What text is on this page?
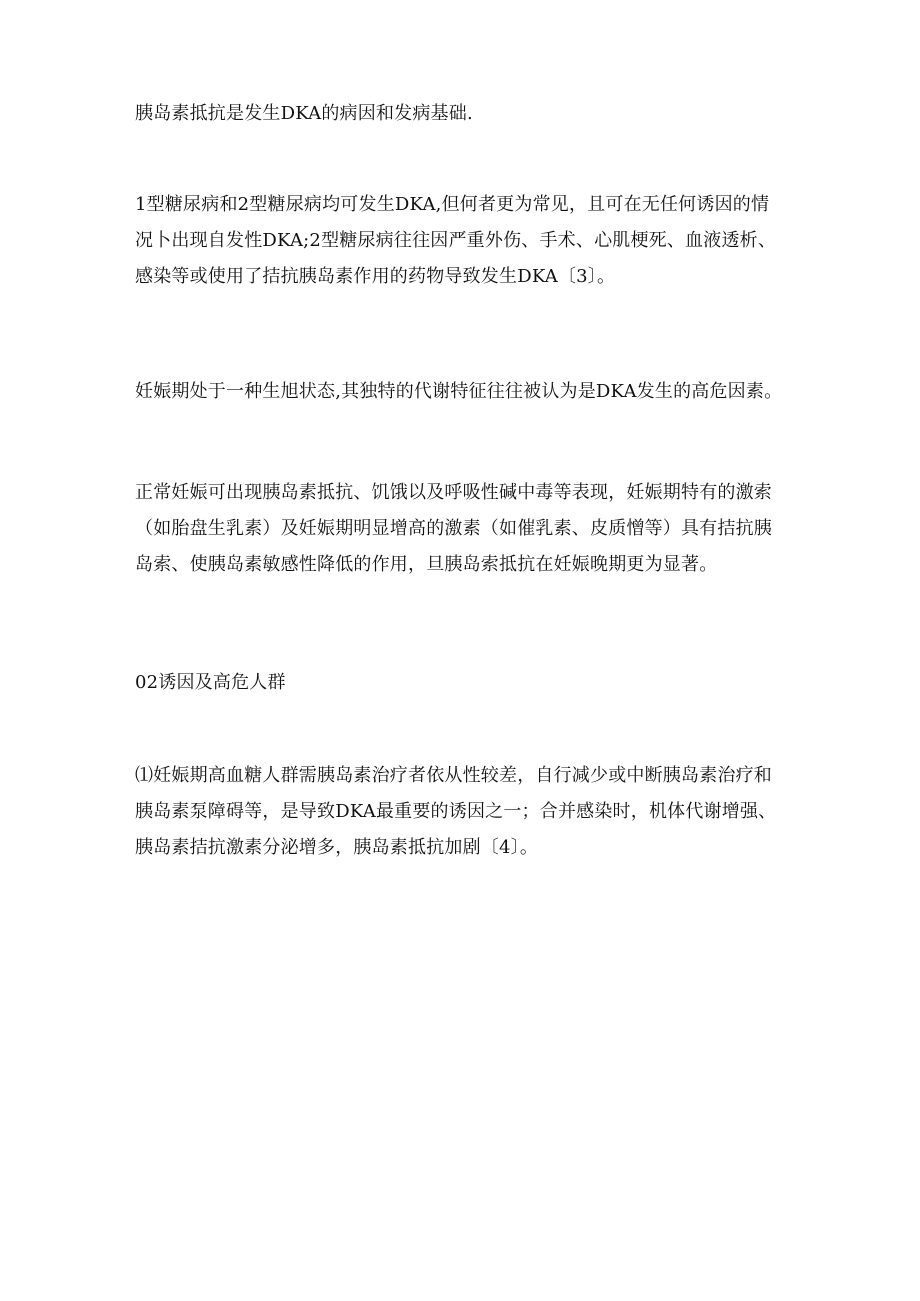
胰岛素抵抗是发生DKA的病因和发病基础.
1型糖尿病和2型糖尿病均可发生DKA,但何者更为常见，且可在无任何诱因的情
况卜出现自发性DKA;2型糖尿病往往因严重外伤、手术、心肌梗死、血液透析、
感染等或使用了拮抗胰岛素作用的药物导致发生DKA〔3〕。
妊娠期处于一种生旭状态,其独特的代谢特征往往被认为是DKA发生的高危因素。
正常妊娠可出现胰岛素抵抗、饥饿以及呼吸性碱中毒等表现，妊娠期特有的激索
（如胎盘生乳素）及妊娠期明显增高的激素（如催乳素、皮质憎等）具有拮抗胰
岛索、使胰岛素敏感性降低的作用，旦胰岛索抵抗在妊娠晚期更为显著。
02诱因及高危人群
⑴妊娠期高血糖人群需胰岛素治疗者依从性较差，自行减少或中断胰岛素治疗和
胰岛素泵障碍等，是导致DKA最重要的诱因之一；合并感染时，机体代谢增强、
胰岛素拮抗激素分泌增多，胰岛素抵抗加剧〔4〕。
